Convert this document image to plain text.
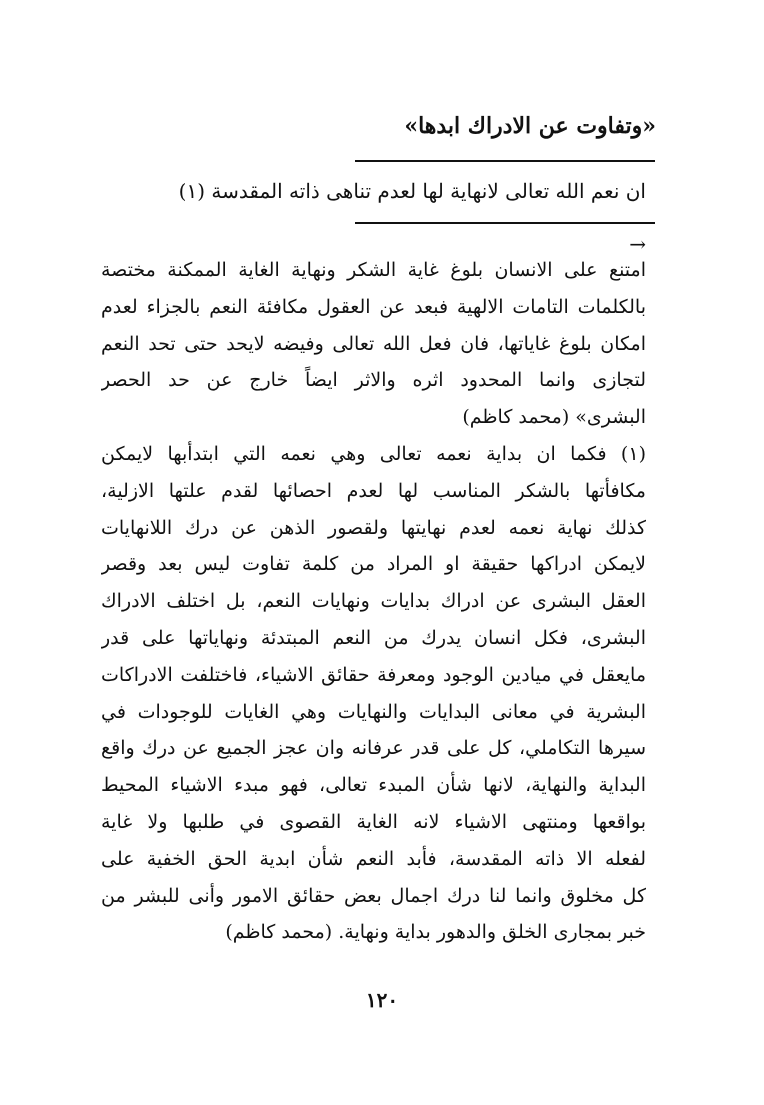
«وتفاوت عن الادراك ابدها»
ان نعم الله تعالى لانهاية لها لعدم تناهى ذاته المقدسة (١)
→
امتنع على الانسان بلوغ غاية الشكر ونهاية الغاية الممكنة مختصة
بالكلمات التامات الالهية فبعد عن العقول مكافئة النعم بالجزاء لعدم
امكان بلوغ غاياتها، فان فعل الله تعالى وفيضه لايحد حتى تحد النعم
لتجازى وانما المحدود اثره والاثر ايضاً خارج عن حد الحصر
البشرى» (محمد كاظم)
(١) فكما ان بداية نعمه تعالى وهي نعمه التي ابتدأبها لايمكن
مكافأتها بالشكر المناسب لها لعدم احصائها لقدم علتها الازلية،
كذلك نهاية نعمه لعدم نهايتها ولقصور الذهن عن درك اللانهايات
لايمكن ادراكها حقيقة او المراد من كلمة تفاوت ليس بعد وقصر
العقل البشرى عن ادراك بدايات ونهايات النعم، بل اختلف الادراك
البشرى، فكل انسان يدرك من النعم المبتدئة ونهاياتها على قدر
مايعقل في ميادين الوجود ومعرفة حقائق الاشياء، فاختلفت الادراكات
البشرية في معانى البدايات والنهايات وهي الغايات للوجودات في
سيرها التكاملي، كل على قدر عرفانه وان عجز الجميع عن درك واقع
البداية والنهاية، لانها شأن المبدء تعالى، فهو مبدء الاشياء المحيط
بواقعها ومنتهى الاشياء لانه الغاية القصوى في طلبها ولا غاية
لفعله الا ذاته المقدسة، فأبد النعم شأن ابدية الحق الخفية على
كل مخلوق وانما لنا درك اجمال بعض حقائق الامور وأنى للبشر من
خبر بمجارى الخلق والدهور بداية ونهاية. (محمد كاظم)
١٢٠
